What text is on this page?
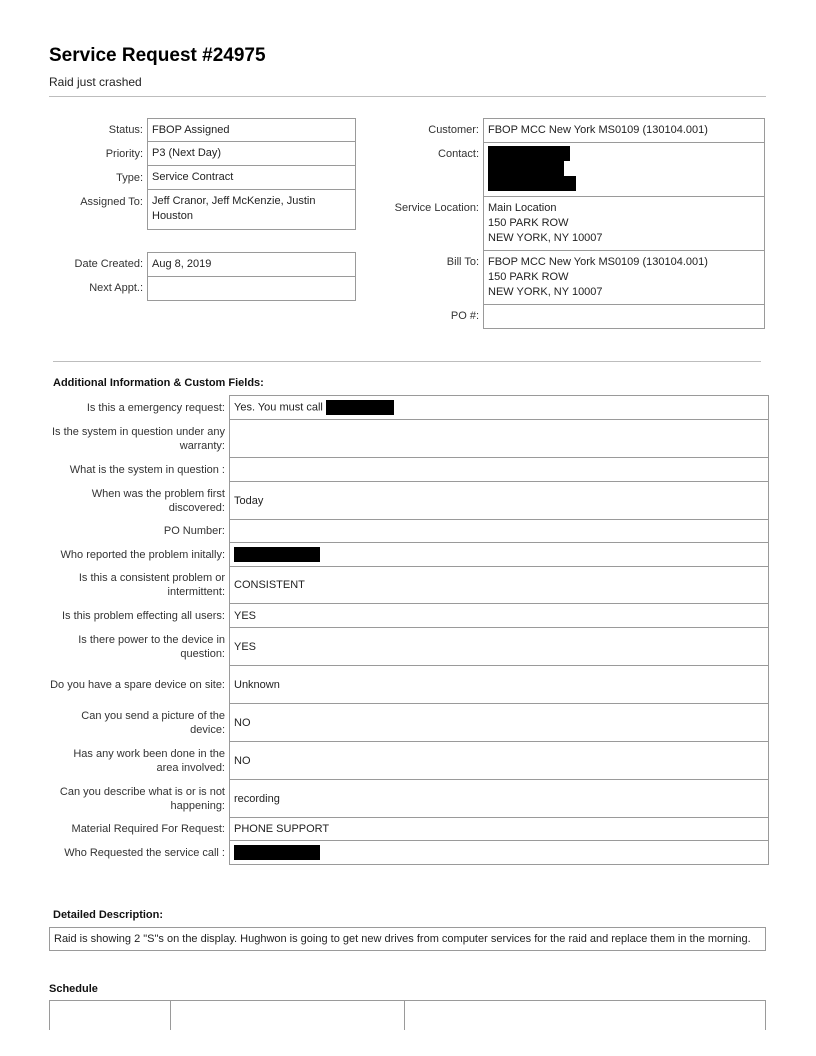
Service Request #24975
Raid just crashed
Status: FBOP Assigned
Priority: P3 (Next Day)
Type: Service Contract
Assigned To: Jeff Cranor, Jeff McKenzie, Justin Houston
Date Created: Aug 8, 2019
Next Appt.:
Customer: FBOP MCC New York MS0109 (130104.001)
Contact:
Service Location: Main Location
150 PARK ROW
NEW YORK, NY 10007
Bill To: FBOP MCC New York MS0109 (130104.001)
150 PARK ROW
NEW YORK, NY 10007
PO #:
Additional Information & Custom Fields:
Is this a emergency request:	Yes. You must call
Is the system in question under any warranty:	
What is the system in question :	
When was the problem first discovered:	Today
PO Number:	
Who reported the problem initally:	
Is this a consistent problem or intermittent:	CONSISTENT
Is this problem effecting all users:	YES
Is there power to the device in question:	YES
Do you have a spare device on site:	Unknown
Can you send a picture of the device:	NO
Has any work been done in the area involved:	NO
Can you describe what is or is not happening:	recording
Material Required For Request:	PHONE SUPPORT
Who Requested the service call :	
Detailed Description:
Raid is showing 2 "S"s on the display. Hughwon is going to get new drives from computer services for the raid and replace them in the morning.
Schedule
